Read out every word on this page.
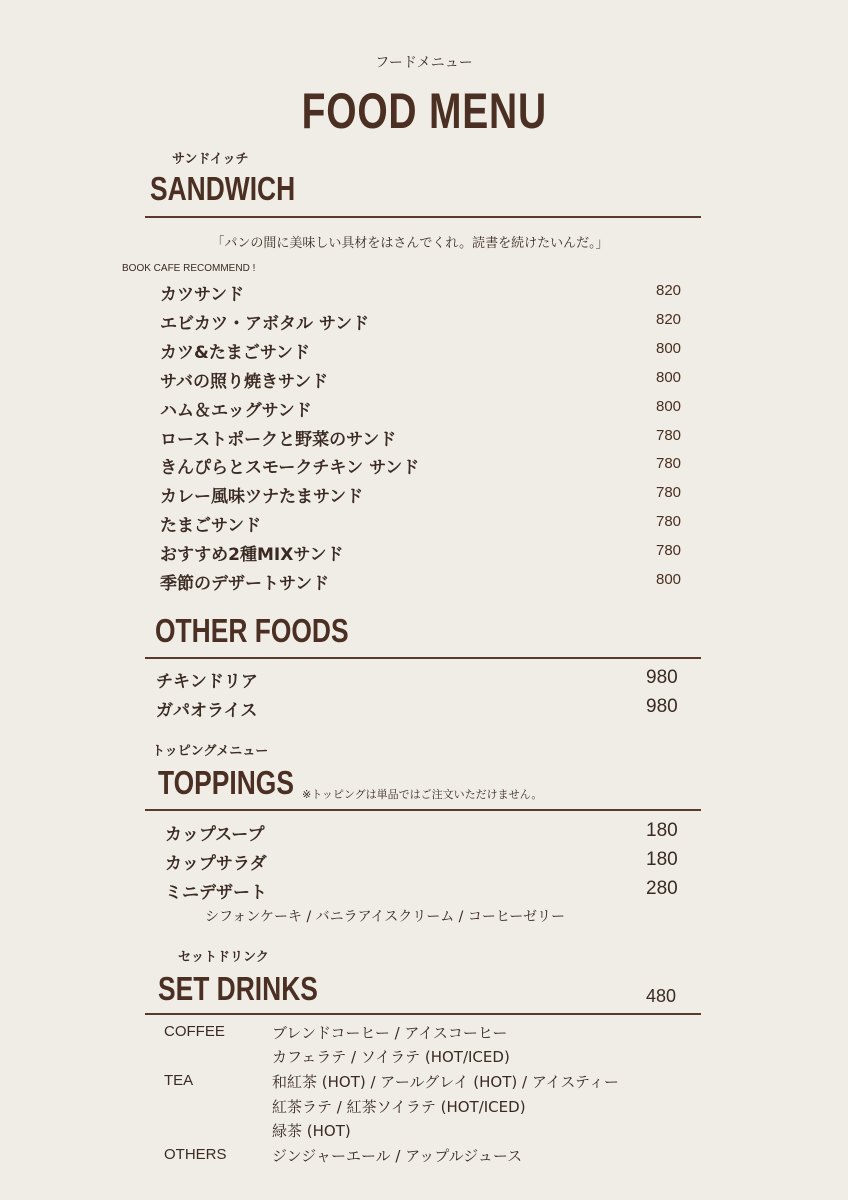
フードメニュー
FOOD MENU
サンドイッチ
SANDWICH
「パンの間に美味しい具材をはさんでくれ。読書を続けたいんだ。」
BOOK CAFE RECOMMEND !
カツサンド	820
エビカツ・アボタル サンド	820
カツ&たまごサンド	800
サバの照り焼きサンド	800
ハム＆エッグサンド	800
ローストポークと野菜のサンド	780
きんぴらとスモークチキン サンド	780
カレー風味ツナたまサンド	780
たまごサンド	780
おすすめ2種MIXサンド	780
季節のデザートサンド	800
OTHER FOODS
チキンドリア	980
ガパオライス	980
トッピングメニュー
TOPPINGS ※トッピングは単品ではご注文いただけません。
カップスープ	180
カップサラダ	180
ミニデザート	280
シフォンケーキ / バニラアイスクリーム / コーヒーゼリー
セットドリンク
SET DRINKS	480
COFFEE	ブレンドコーヒー / アイスコーヒー
カフェラテ / ソイラテ (HOT/ICED)
TEA	和紅茶 (HOT) / アールグレイ (HOT) / アイスティー
紅茶ラテ / 紅茶ソイラテ (HOT/ICED)
緑茶 (HOT)
OTHERS	ジンジャーエール / アップルジュース
